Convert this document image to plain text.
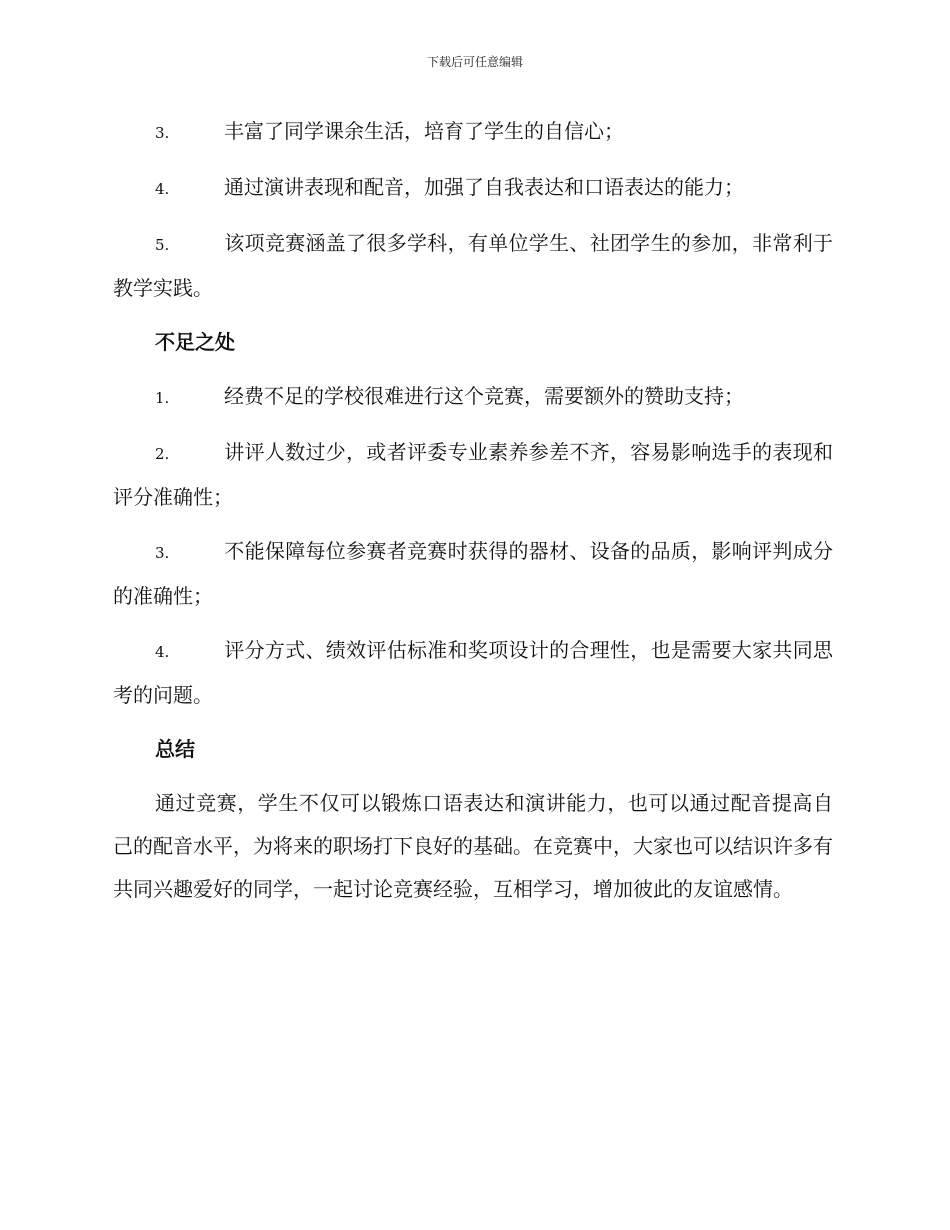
下载后可任意编辑

3.	丰富了同学课余生活，培育了学生的自信心；

4.	通过演讲表现和配音，加强了自我表达和口语表达的能力；

5.	该项竞赛涵盖了很多学科，有单位学生、社团学生的参加，非常利于教学实践。

不足之处

1.	经费不足的学校很难进行这个竞赛，需要额外的赞助支持；

2.	讲评人数过少，或者评委专业素养参差不齐，容易影响选手的表现和评分准确性；

3.	不能保障每位参赛者竞赛时获得的器材、设备的品质，影响评判成分的准确性；

4.	评分方式、绩效评估标准和奖项设计的合理性，也是需要大家共同思考的问题。

总结

通过竞赛，学生不仅可以锻炼口语表达和演讲能力，也可以通过配音提高自己的配音水平，为将来的职场打下良好的基础。在竞赛中，大家也可以结识许多有共同兴趣爱好的同学，一起讨论竞赛经验，互相学习，增加彼此的友谊感情。
